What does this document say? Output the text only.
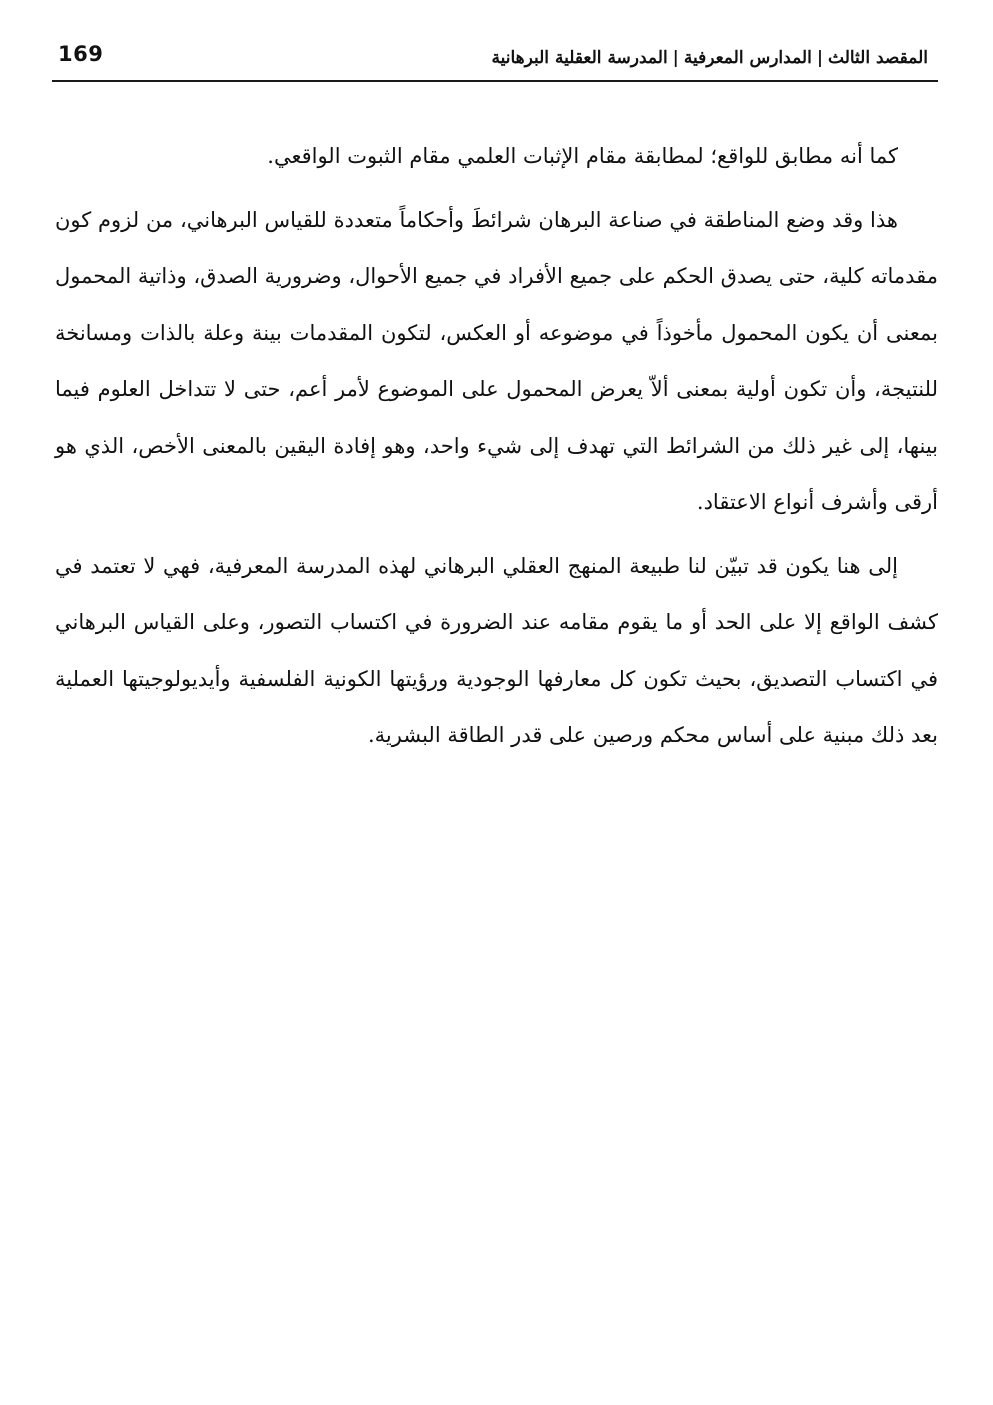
169	المقصد الثالث|المدارس المعرفية|المدرسة العقلية البرهانية

كما أنه مطابق للواقع؛ لمطابقة مقام الإثبات العلمي مقام الثبوت الواقعي.

هذا وقد وضع المناطقة في صناعة البرهان شرائطَ وأحكاماً متعددة للقياس البرهاني، من لزوم كون مقدماته كلية، حتى يصدق الحكم على جميع الأفراد في جميع الأحوال، وضرورية الصدق، وذاتية المحمول بمعنى أن يكون المحمول مأخوذاً في موضوعه أو العكس، لتكون المقدمات بينة وعلة بالذات ومسانخة للنتيجة، وأن تكون أولية بمعنى ألاّ يعرض المحمول على الموضوع لأمر أعم، حتى لا تتداخل العلوم فيما بينها، إلى غير ذلك من الشرائط التي تهدف إلى شيء واحد، وهو إفادة اليقين بالمعنى الأخص، الذي هو أرقى وأشرف أنواع الاعتقاد.

إلى هنا يكون قد تبيّن لنا طبيعة المنهج العقلي البرهاني لهذه المدرسة المعرفية، فهي لا تعتمد في كشف الواقع إلا على الحد أو ما يقوم مقامه عند الضرورة في اكتساب التصور، وعلى القياس البرهاني في اكتساب التصديق، بحيث تكون كل معارفها الوجودية ورؤيتها الكونية الفلسفية وأيديولوجيتها العملية بعد ذلك مبنية على أساس محكم ورصين على قدر الطاقة البشرية.
